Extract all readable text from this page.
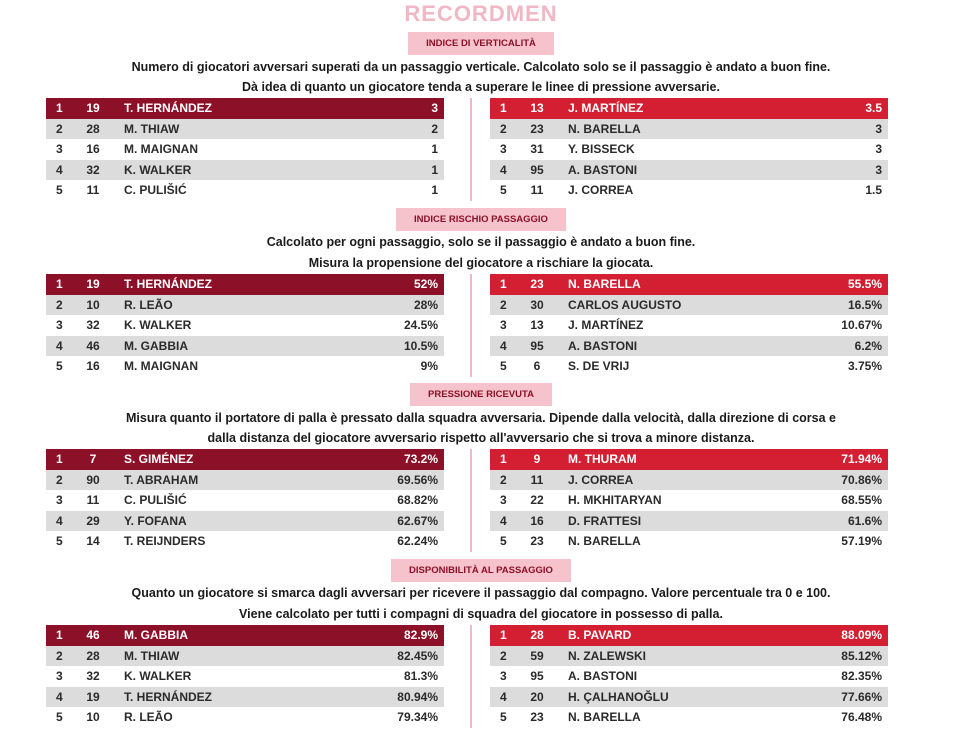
RECORDMEN
INDICE DI VERTICALITÀ
Numero di giocatori avversari superati da un passaggio verticale. Calcolato solo se il passaggio è andato a buon fine.
Dà idea di quanto un giocatore tenda a superare le linee di pressione avversarie.
1	19	T. HERNÁNDEZ	3
2	28	M. THIAW	2
3	16	M. MAIGNAN	1
4	32	K. WALKER	1
5	11	C. PULIŠIĆ	1
1	13	J. MARTÍNEZ	3.5
2	23	N. BARELLA	3
3	31	Y. BISSECK	3
4	95	A. BASTONI	3
5	11	J. CORREA	1.5
INDICE RISCHIO PASSAGGIO
Calcolato per ogni passaggio, solo se il passaggio è andato a buon fine.
Misura la propensione del giocatore a rischiare la giocata.
1	19	T. HERNÁNDEZ	52%
2	10	R. LEÃO	28%
3	32	K. WALKER	24.5%
4	46	M. GABBIA	10.5%
5	16	M. MAIGNAN	9%
1	23	N. BARELLA	55.5%
2	30	CARLOS AUGUSTO	16.5%
3	13	J. MARTÍNEZ	10.67%
4	95	A. BASTONI	6.2%
5	6	S. DE VRIJ	3.75%
PRESSIONE RICEVUTA
Misura quanto il portatore di palla è pressato dalla squadra avversaria. Dipende dalla velocità, dalla direzione di corsa e
dalla distanza del giocatore avversario rispetto all'avversario che si trova a minore distanza.
1	7	S. GIMÉNEZ	73.2%
2	90	T. ABRAHAM	69.56%
3	11	C. PULIŠIĆ	68.82%
4	29	Y. FOFANA	62.67%
5	14	T. REIJNDERS	62.24%
1	9	M. THURAM	71.94%
2	11	J. CORREA	70.86%
3	22	H. MKHITARYAN	68.55%
4	16	D. FRATTESI	61.6%
5	23	N. BARELLA	57.19%
DISPONIBILITÀ AL PASSAGGIO
Quanto un giocatore si smarca dagli avversari per ricevere il passaggio dal compagno. Valore percentuale tra 0 e 100.
Viene calcolato per tutti i compagni di squadra del giocatore in possesso di palla.
1	46	M. GABBIA	82.9%
2	28	M. THIAW	82.45%
3	32	K. WALKER	81.3%
4	19	T. HERNÁNDEZ	80.94%
5	10	R. LEÃO	79.34%
1	28	B. PAVARD	88.09%
2	59	N. ZALEWSKI	85.12%
3	95	A. BASTONI	82.35%
4	20	H. ÇALHANOĞLU	77.66%
5	23	N. BARELLA	76.48%
